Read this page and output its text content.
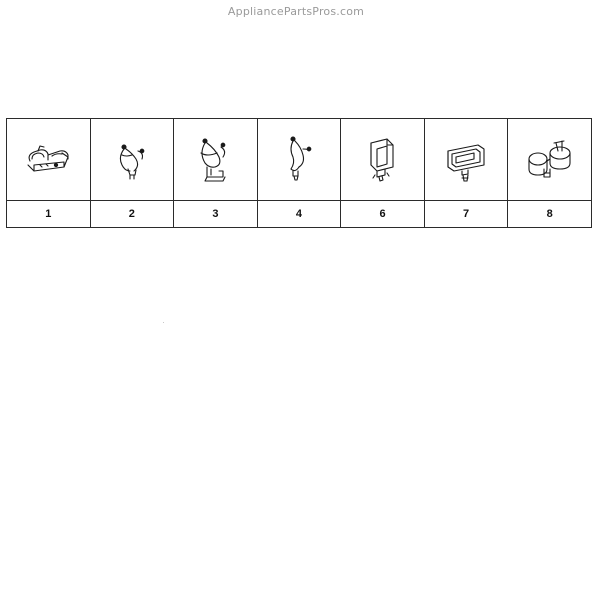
AppliancePartsPros.com

1	2	3	4	6	7	8
